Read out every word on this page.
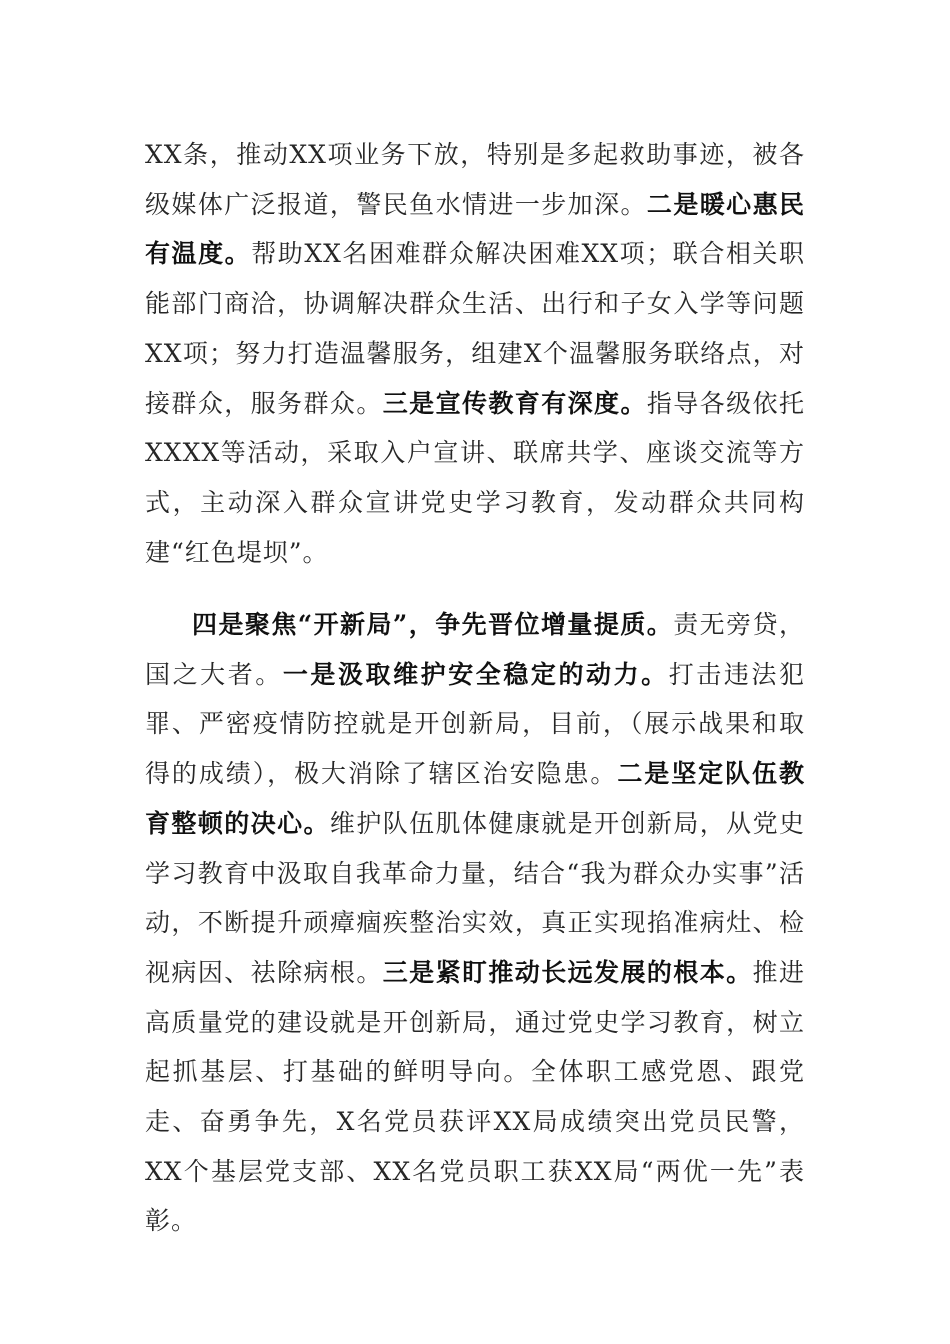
XX条，推动XX项业务下放，特别是多起救助事迹，被各级媒体广泛报道，警民鱼水情进一步加深。二是暖心惠民有温度。帮助XX名困难群众解决困难XX项；联合相关职能部门商洽，协调解决群众生活、出行和子女入学等问题XX项；努力打造温馨服务，组建X个温馨服务联络点，对接群众，服务群众。三是宣传教育有深度。指导各级依托XXXX等活动，采取入户宣讲、联席共学、座谈交流等方式，主动深入群众宣讲党史学习教育，发动群众共同构建“红色堤坝”。

四是聚焦“开新局”，争先晋位增量提质。责无旁贷，国之大者。一是汲取维护安全稳定的动力。打击违法犯罪、严密疫情防控就是开创新局，目前，（展示战果和取得的成绩），极大消除了辖区治安隐患。二是坚定队伍教育整顿的决心。维护队伍肌体健康就是开创新局，从党史学习教育中汲取自我革命力量，结合“我为群众办实事”活动，不断提升顽瘴痼疾整治实效，真正实现掐准病灶、检视病因、祛除病根。三是紧盯推动长远发展的根本。推进高质量党的建设就是开创新局，通过党史学习教育，树立起抓基层、打基础的鲜明导向。全体职工感党恩、跟党走、奋勇争先，X名党员获评XX局成绩突出党员民警，XX个基层党支部、XX名党员职工获XX局“两优一先”表彰。
